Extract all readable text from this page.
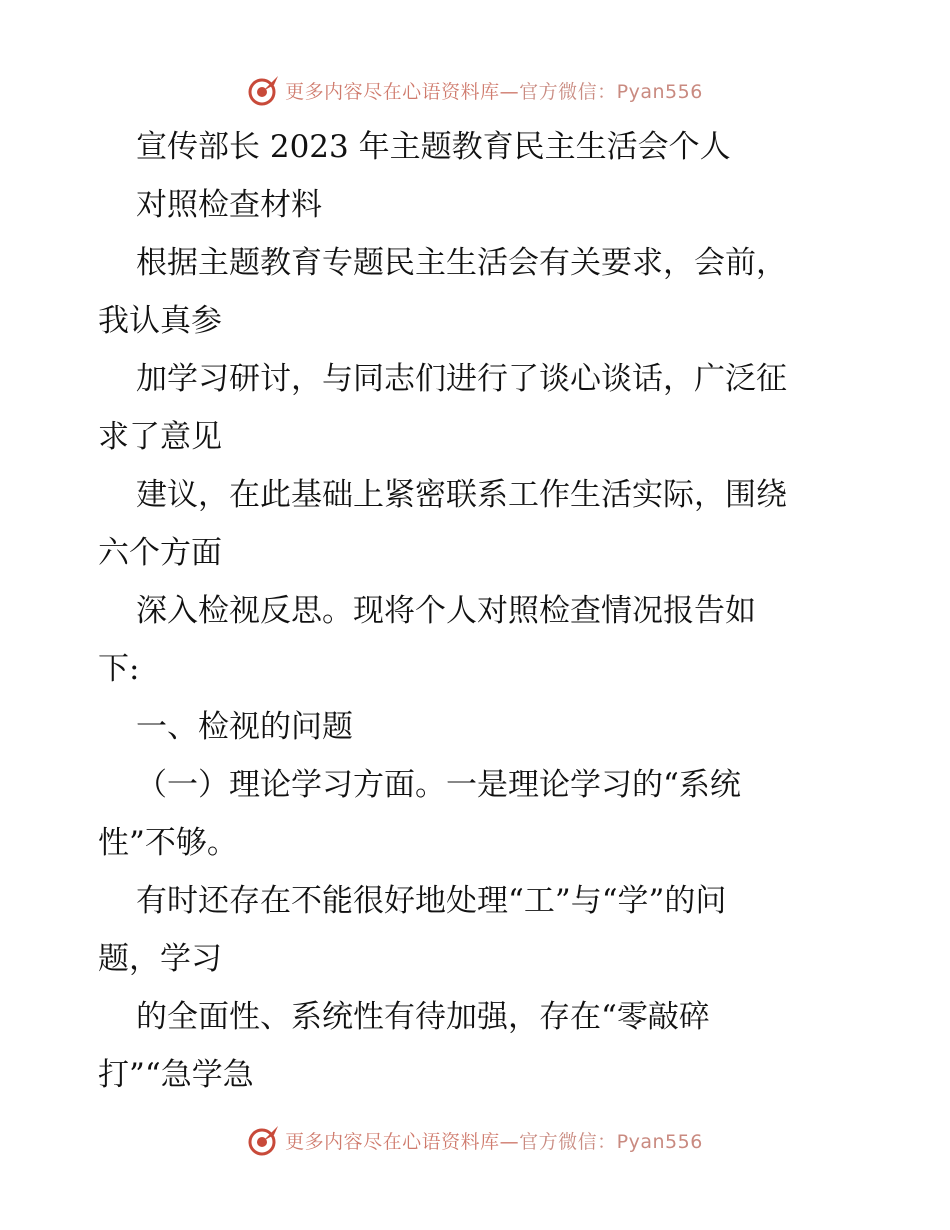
更多内容尽在心语资料库—官方微信：Pyan556
宣传部长 2023 年主题教育民主生活会个人
对照检查材料
根据主题教育专题民主生活会有关要求，会前，
我认真参
加学习研讨，与同志们进行了谈心谈话，广泛征
求了意见
建议，在此基础上紧密联系工作生活实际，围绕
六个方面
深入检视反思。现将个人对照检查情况报告如
下:
一、检视的问题
（一）理论学习方面。一是理论学习的“系统
性”不够。
有时还存在不能很好地处理“工”与“学”的问
题，学习
的全面性、系统性有待加强，存在“零敲碎
打”“急学急
更多内容尽在心语资料库—官方微信：Pyan556
